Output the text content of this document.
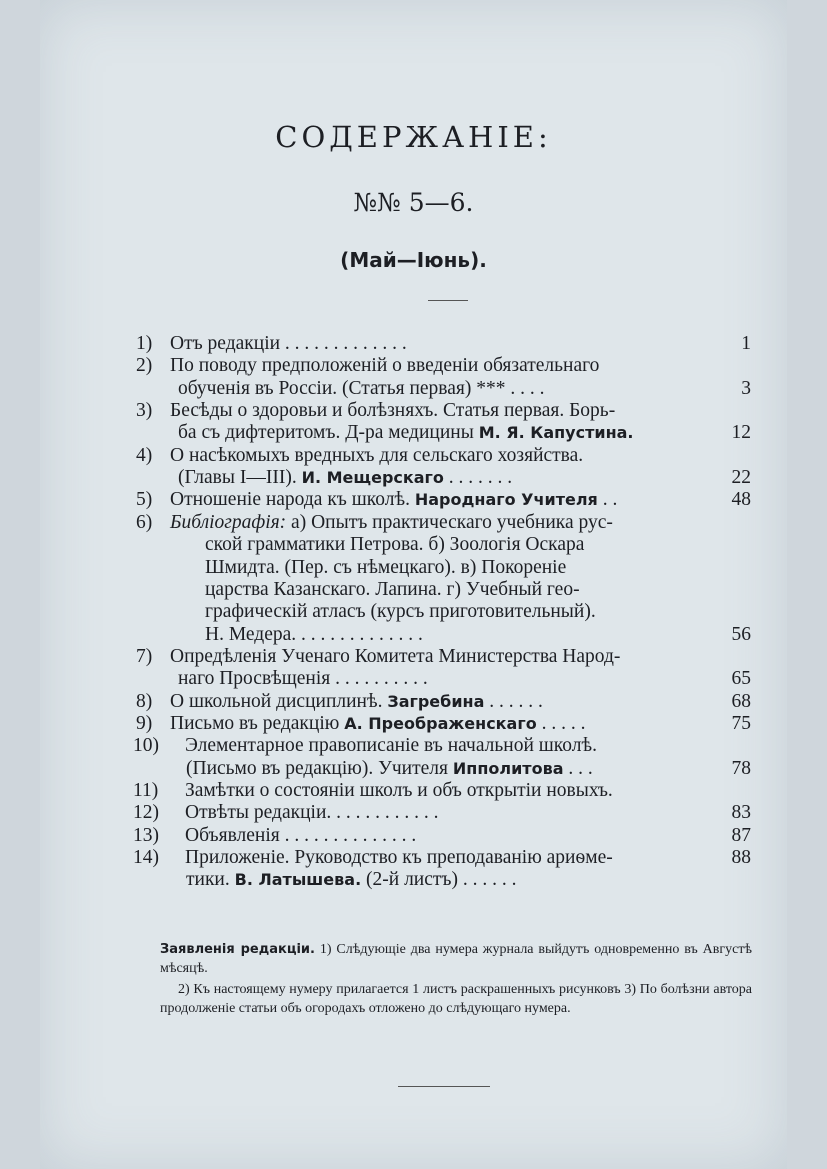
СОДЕРЖАНІЕ:
№№ 5—6.
(Май—Іюнь).
1) Отъ редакціи . . . . . . . . . . . . .	1
2) По поводу предположеній о введеніи обязательнаго
обученія въ Россіи. (Статья первая) *** . . . .	3
3) Бесѣды о здоровьи и болѣзняхъ. Статья первая. Борь-
ба съ дифтеритомъ. Д-ра медицины М. Я. Капустина.	12
4) О насѣкомыхъ вредныхъ для сельскаго хозяйства.
(Главы I—III). И. Мещерскаго . . . . . . .	22
5) Отношеніе народа къ школѣ. Народнаго Учителя . .	48
6) Библіографія: а) Опытъ практическаго учебника рус-
ской грамматики Петрова. б) Зоологія Оскара
Шмидта. (Пер. съ нѣмецкаго). в) Покореніе
царства Казанскаго. Лапина. г) Учебный гео-
графическій атласъ (курсъ приготовительный).
Н. Медера. . . . . . . . . . . . . .	56
7) Опредѣленія Ученаго Комитета Министерства Народ-
наго Просвѣщенія . . . . . . . . . .	65
8) О школьной дисциплинѣ. Загребина . . . . . .	68
9) Письмо въ редакцію А. Преображенскаго . . . . .	75
10) Элементарное правописаніе въ начальной школѣ.
(Письмо въ редакцію). Учителя Ипполитова . . .	78
11) Замѣтки о состояніи школъ и объ открытіи новыхъ.
12) Отвѣты редакціи. . . . . . . . . . . .	83
13) Объявленія . . . . . . . . . . . . . .	87
14) Приложеніе. Руководство къ преподаванію ариѳме-	88
тики. В. Латышева. (2-й листъ) . . . . . .

Заявленія редакціи. 1) Слѣдующіе два нумера журнала выйдутъ одновременно въ Августѣ мѣсяцѣ.

2) Къ настоящему нумеру прилагается 1 листъ раскрашенныхъ рисунковъ 3) По болѣзни автора продолженіе статьи объ огородахъ отложено до слѣдующаго нумера.
